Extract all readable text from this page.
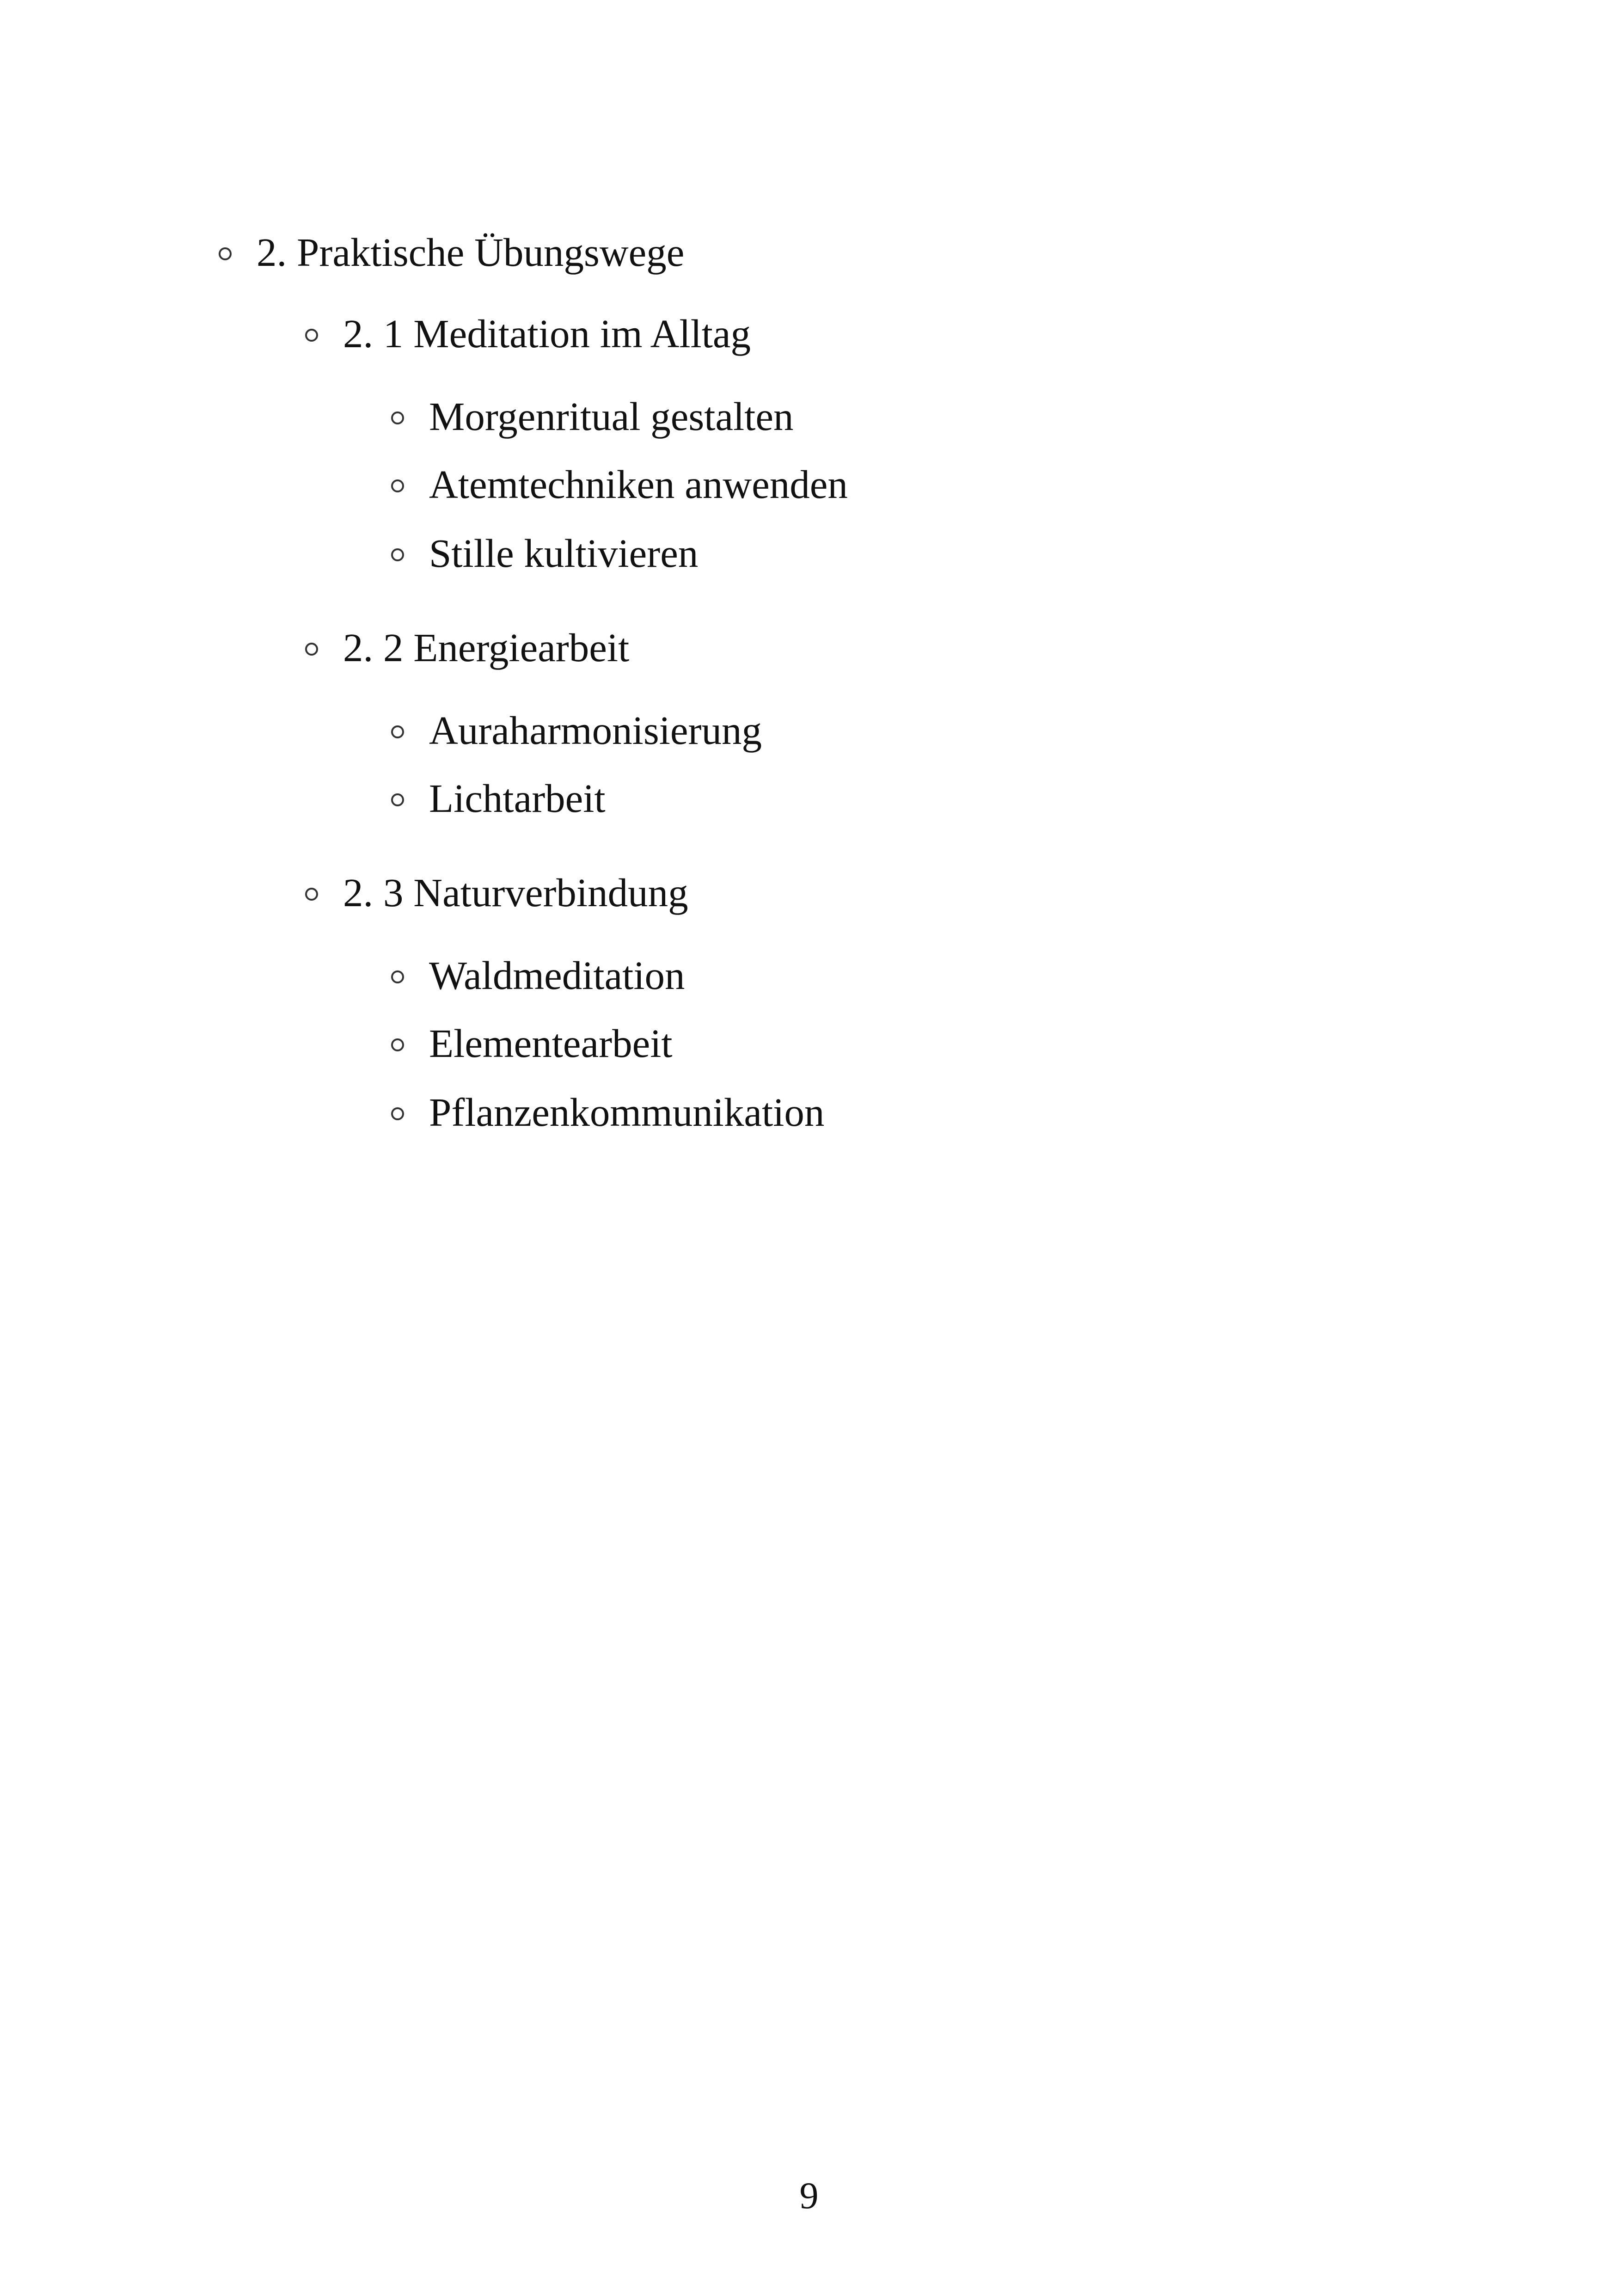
2. Praktische Übungswege
2. 1 Meditation im Alltag
Morgenritual gestalten
Atemtechniken anwenden
Stille kultivieren
2. 2 Energiearbeit
Auraharmonisierung
Lichtarbeit
2. 3 Naturverbindung
Waldmeditation
Elementearbeit
Pflanzenkommunikation
9
